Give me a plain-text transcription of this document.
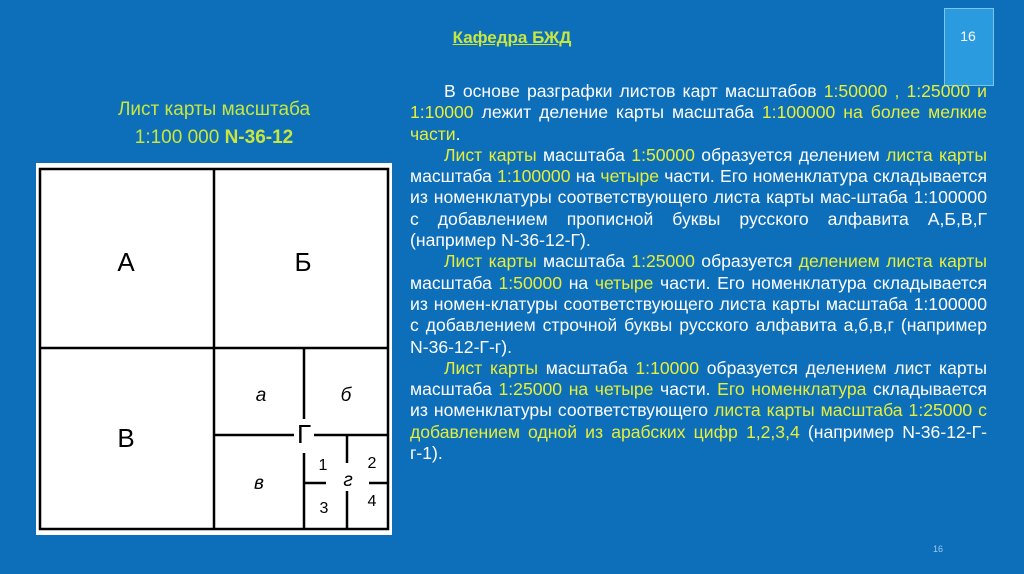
Кафедра БЖД	16
Лист карты масштаба
1:100 000 N-36-12
А	Б
В	Г
а	б
в	г
1	2
3 4

В основе разграфки листов карт масштабов 1:50000 , 1:25000 и 1:10000 лежит деление карты масштаба 1:100000 на более мелкие части.

Лист карты масштаба 1:50000 образуется делением листа карты масштаба 1:100000 на четыре части. Его номенклатура складывается из номенклатуры соответствующего листа карты мас-штаба 1:100000 с добавлением прописной буквы русского алфавита А,Б,В,Г (например N-36-12-Г).

Лист карты масштаба 1:25000 образуется делением листа карты масштаба 1:50000 на четыре части. Его номенклатура складывается из номен-клатуры соответствующего листа карты масштаба 1:100000 с добавлением строчной буквы русского алфавита а,б,в,г (например N-36-12-Г-г).

Лист карты масштаба 1:10000 образуется делением лист карты масштаба 1:25000 на четыре части. Его номенклатура складывается из номенклатуры соответствующего листа карты масштаба 1:25000 с добавлением одной из арабских цифр 1,2,3,4 (например N-36-12-Г-г-1).

16
